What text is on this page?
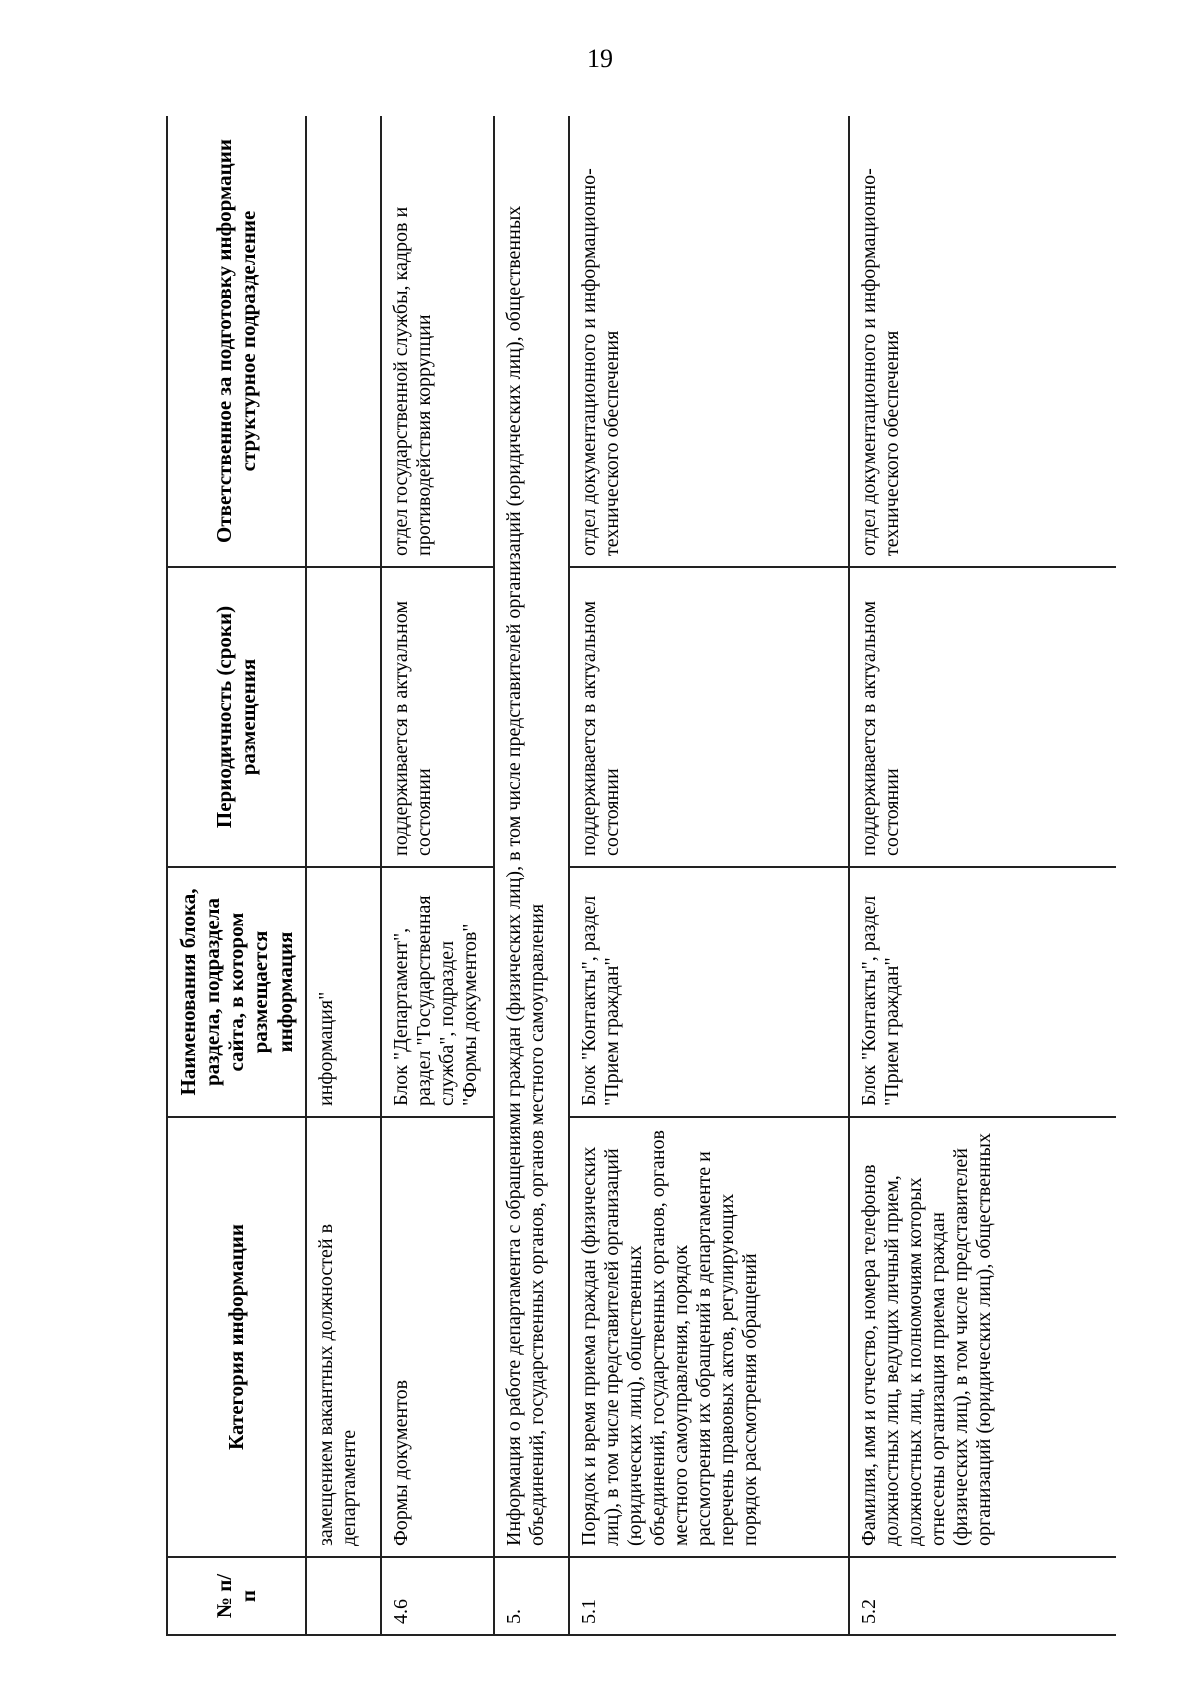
19
№ п/п	Категория информации	Наименования блока, раздела, подраздела сайта, в котором размещается информация	Периодичность (сроки) размещения	Ответственное за подготовку информации структурное подразделение
	замещением вакантных должностей в департаменте	информация"		
4.6	Формы документов	Блок "Департамент", раздел "Государственная служба", подраздел "Формы документов"	поддерживается в актуальном состоянии	отдел государственной службы, кадров и противодействия коррупции
5.	Информация о работе департамента с обращениями граждан (физических лиц), в том числе представителей организаций (юридических лиц), общественных объединений, государственных органов, органов местного самоуправления			
5.1	Порядок и время приема граждан (физических лиц), в том числе представителей организаций (юридических лиц), общественных объединений, государственных органов, органов местного самоуправления, порядок рассмотрения их обращений в департаменте и перечень правовых актов, регулирующих порядок рассмотрения обращений	Блок "Контакты", раздел "Прием граждан"	поддерживается в актуальном состоянии	отдел документационного и информационно-технического обеспечения
5.2	Фамилия, имя и отчество, номера телефонов должностных лиц, ведущих личный прием, должностных лиц, к полномочиям которых отнесены организация приема граждан (физических лиц), в том числе представителей организаций (юридических лиц), общественных	Блок "Контакты", раздел "Прием граждан"	поддерживается в актуальном состоянии	отдел документационного и информационно-технического обеспечения
